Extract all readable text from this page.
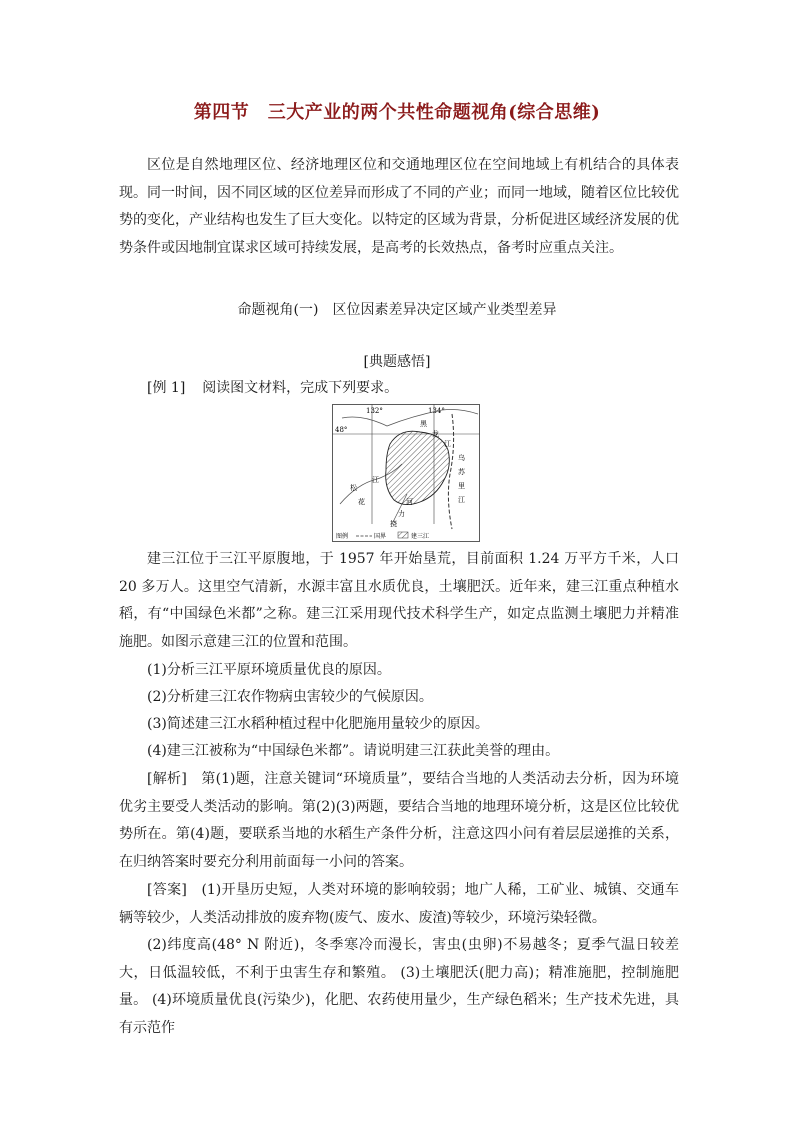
第四节　三大产业的两个共性命题视角(综合思维)

区位是自然地理区位、经济地理区位和交通地理区位在空间地域上有机结合的具体表现。同一时间，因不同区域的区位差异而形成了不同的产业；而同一地域，随着区位比较优势的变化，产业结构也发生了巨大变化。以特定的区域为背景，分析促进区域经济发展的优势条件或因地制宜谋求区域可持续发展，是高考的长效热点，备考时应重点关注。

命题视角(一)　区位因素差异决定区域产业类型差异
[典题感悟]
[例 1] 阅读图文材料，完成下列要求。
132°	134°
48°
黑
龙
江
松
花
江
乌
苏
里
江
挠
力
河
图例	国界	建三江

建三江位于三江平原腹地，于 1957 年开始垦荒，目前面积 1.24 万平方千米，人口 20 多万人。这里空气清新，水源丰富且水质优良，土壤肥沃。近年来，建三江重点种植水稻，有“中国绿色米都”之称。建三江采用现代技术科学生产，如定点监测土壤肥力并精准施肥。如图示意建三江的位置和范围。

(1)分析三江平原环境质量优良的原因。
(2)分析建三江农作物病虫害较少的气候原因。
(3)简述建三江水稻种植过程中化肥施用量较少的原因。
(4)建三江被称为“中国绿色米都”。请说明建三江获此美誉的理由。

[解析]　第(1)题，注意关键词“环境质量”，要结合当地的人类活动去分析，因为环境优劣主要受人类活动的影响。第(2)(3)两题，要结合当地的地理环境分析，这是区位比较优势所在。第(4)题，要联系当地的水稻生产条件分析，注意这四小问有着层层递推的关系，在归纳答案时要充分利用前面每一小问的答案。

[答案]　(1)开垦历史短，人类对环境的影响较弱；地广人稀，工矿业、城镇、交通车辆等较少，人类活动排放的废弃物(废气、废水、废渣)等较少，环境污染轻微。

(2)纬度高(48° N 附近)，冬季寒冷而漫长，害虫(虫卵)不易越冬；夏季气温日较差大，日低温较低，不利于虫害生存和繁殖。 (3)土壤肥沃(肥力高)；精准施肥，控制施肥量。 (4)环境质量优良(污染少)，化肥、农药使用量少，生产绿色稻米；生产技术先进，具有示范作
